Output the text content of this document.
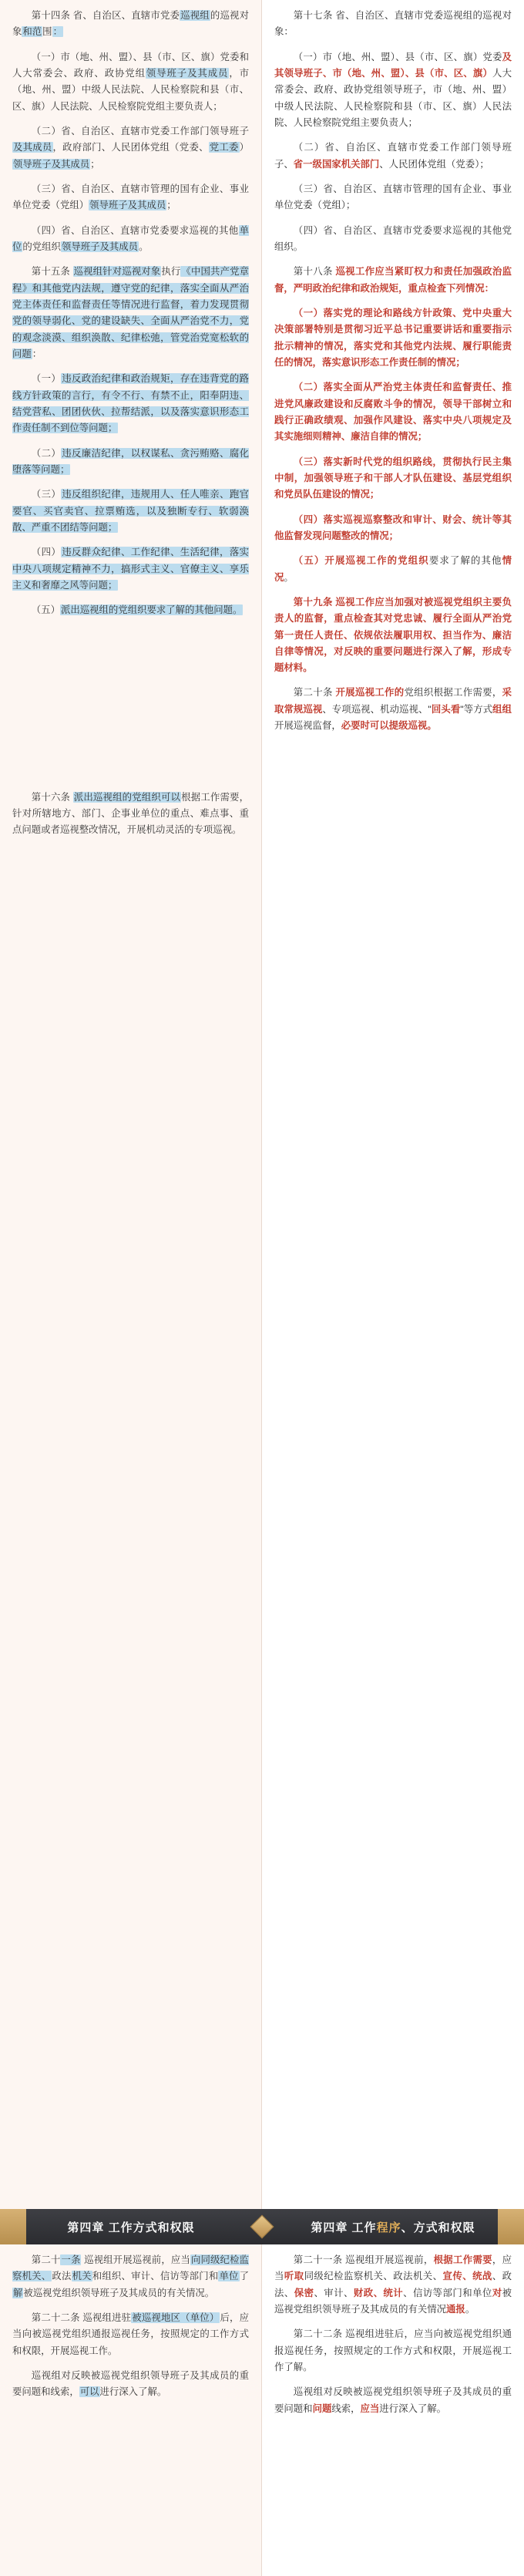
第十四条 省、自治区、直辖市党委巡视组的巡视对象和范围：

（一）市（地、州、盟）、县（市、区、旗）党委和人大常委会、政府、政协党组领导班子及其成员，市（地、州、盟）中级人民法院、人民检察院和县（市、区、旗）人民法院、人民检察院党组主要负责人；

（二）省、自治区、直辖市党委工作部门领导班子及其成员，政府部门、人民团体党组（党委、党工委）领导班子及其成员；

（三）省、自治区、直辖市管理的国有企业、事业单位党委（党组）领导班子及其成员；

（四）省、自治区、直辖市党委要求巡视的其他单位的党组织领导班子及其成员。

第十五条 巡视组针对巡视对象执行《中国共产党章程》和其他党内法规，遵守党的纪律，落实全面从严治党主体责任和监督责任等情况进行监督，着力发现贯彻党的领导弱化、党的建设缺失、全面从严治党不力，党的观念淡漠、组织涣散、纪律松弛，管党治党宽松软的问题：

（一）违反政治纪律和政治规矩，存在违背党的路线方针政策的言行，有令不行、有禁不止，阳奉阴违、结党营私、团团伙伙、拉帮结派，以及落实意识形态工作责任制不到位等问题；

（二）违反廉洁纪律，以权谋私、贪污贿赂、腐化堕落等问题；

（三）违反组织纪律，违规用人、任人唯亲、跑官要官、买官卖官、拉票贿选，以及独断专行、软弱涣散、严重不团结等问题；

（四）违反群众纪律、工作纪律、生活纪律，落实中央八项规定精神不力，搞形式主义、官僚主义、享乐主义和奢靡之风等问题；

（五）派出巡视组的党组织要求了解的其他问题。

第十六条 派出巡视组的党组织可以根据工作需要，针对所辖地方、部门、企事业单位的重点、难点事、重点问题或者巡视整改情况，开展机动灵活的专项巡视。

第十七条 省、自治区、直辖市党委巡视组的巡视对象：

（一）市（地、州、盟）、县（市、区、旗）党委及其领导班子、市（地、州、盟）、县（市、区、旗）人大常委会、政府、政协党组领导班子，市（地、州、盟）中级人民法院、人民检察院和县（市、区、旗）人民法院、人民检察院党组主要负责人；

（二）省、自治区、直辖市党委工作部门领导班子、省一级国家机关部门、人民团体党组（党委）；

（三）省、自治区、直辖市管理的国有企业、事业单位党委（党组）；

（四）省、自治区、直辖市党委要求巡视的其他党组织。

第十八条 巡视工作应当紧盯权力和责任加强政治监督，严明政治纪律和政治规矩，重点检查下列情况：

（一）落实党的理论和路线方针政策、党中央重大决策部署特别是贯彻习近平总书记重要讲话和重要指示批示精神的情况，落实党和其他党内法规、履行职能责任的情况，落实意识形态工作责任制的情况；

（二）落实全面从严治党主体责任和监督责任、推进党风廉政建设和反腐败斗争的情况，领导干部树立和践行正确政绩观、加强作风建设、落实中央八项规定及其实施细则精神、廉洁自律的情况；

（三）落实新时代党的组织路线，贯彻执行民主集中制，加强领导班子和干部人才队伍建设、基层党组织和党员队伍建设的情况；

（四）落实巡视巡察整改和审计、财会、统计等其他监督发现问题整改的情况；

（五）开展巡视工作的党组织要求了解的其他情况。

第十九条 巡视工作应当加强对被巡视党组织主要负责人的监督，重点检查其对党忠诚、履行全面从严治党第一责任人责任、依规依法履职用权、担当作为、廉洁自律等情况，对反映的重要问题进行深入了解，形成专题材料。

第二十条 开展巡视工作的党组织根据工作需要，采取常规巡视、专项巡视、机动巡视、"回头看"等方式组组开展巡视监督，必要时可以提级巡视。

第四章 工作方式和权限	第四章 工作程序、方式和权限

第二十一条 巡视组开展巡视前，应当向同级纪检监察机关、政法机关和组织、审计、信访等部门和单位了解被巡视党组织领导班子及其成员的有关情况。

第二十二条 巡视组进驻被巡视地区（单位）后，应当向被巡视党组织通报巡视任务，按照规定的工作方式和权限，开展巡视工作。

巡视组对反映被巡视党组织领导班子及其成员的重要问题和线索，可以进行深入了解。

第二十一条 巡视组开展巡视前，根据工作需要，应当听取同级纪检监察机关、政法机关、宣传、统战、政法、保密、审计、财政、统计、信访等部门和单位对被巡视党组织领导班子及其成员的有关情况通报。

第二十二条 巡视组进驻后，应当向被巡视党组织通报巡视任务，按照规定的工作方式和权限，开展巡视工作了解。

巡视组对反映被巡视党组织领导班子及其成员的重要问题和问题线索，应当进行深入了解。
